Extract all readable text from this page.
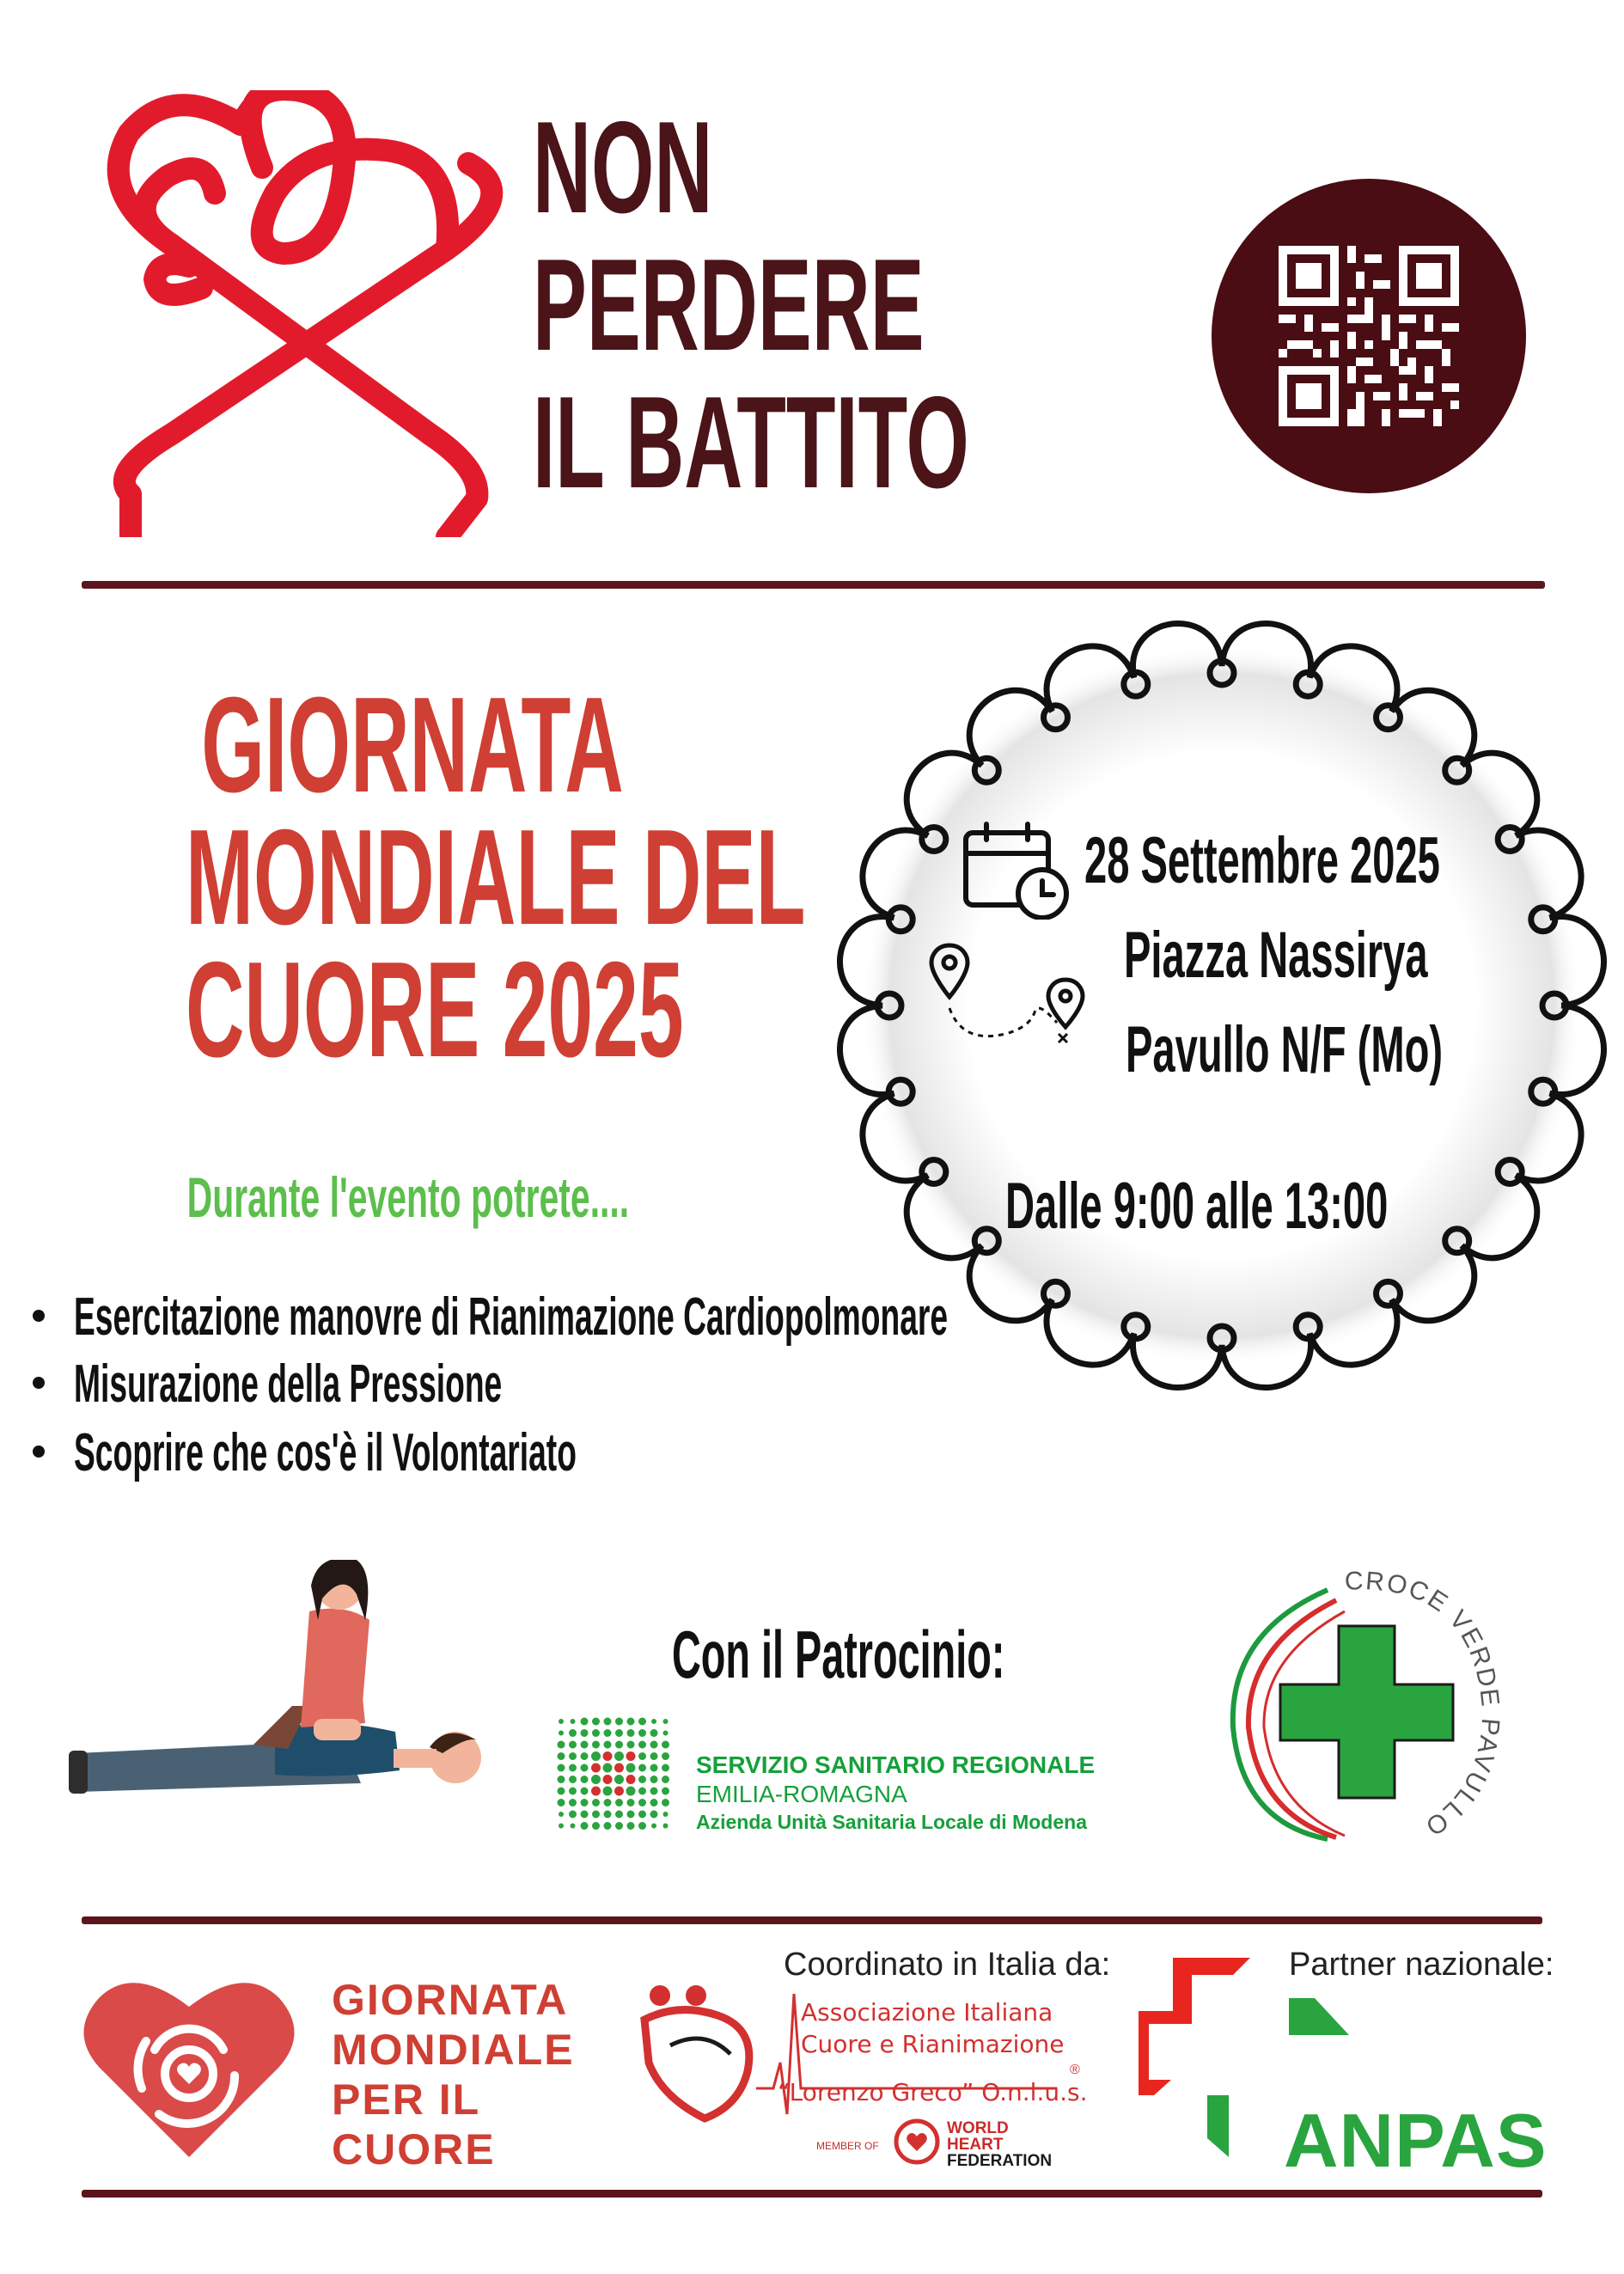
NON
PERDERE
IL BATTITO
GIORNATA
MONDIALE DEL
CUORE 2025
Durante l'evento potrete....
Esercitazione manovre di Rianimazione Cardiopolmonare
Misurazione della Pressione
Scoprire che cos'è il Volontariato
28 Settembre 2025
Piazza Nassirya
Pavullo N/F (Mo)
Dalle 9:00 alle 13:00
Con il Patrocinio:
SERVIZIO SANITARIO REGIONALE
EMILIA-ROMAGNA
Azienda Unità Sanitaria Locale di Modena
CROCE VERDE PAVULLO
GIORNATA
MONDIALE
PER IL
CUORE
Coordinato in Italia da:
Associazione Italiana
Cuore e Rianimazione
“Lorenzo Greco” O.n.l.u.s.
®
MEMBER OF
WORLD
HEART
FEDERATION
Partner nazionale:
ANPAS
